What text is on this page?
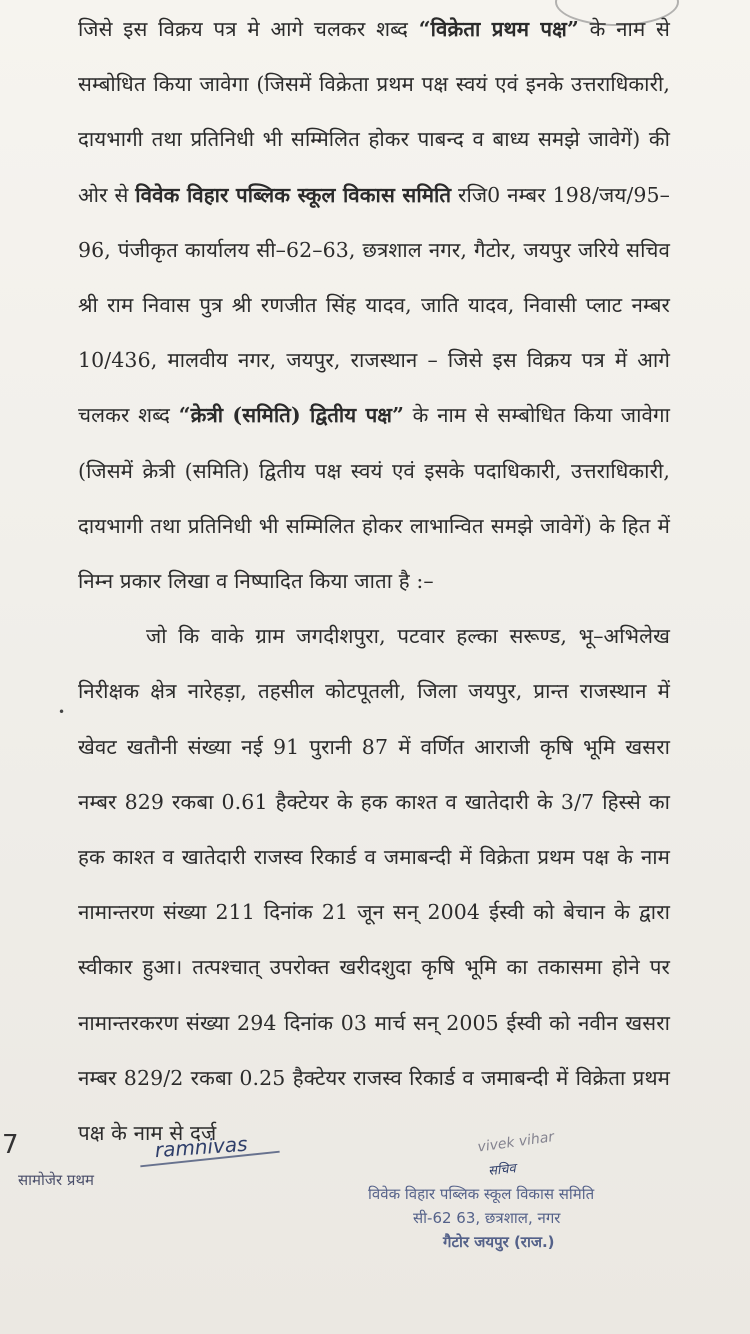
जिसे इस विक्रय पत्र मे आगे चलकर शब्द “विक्रेता प्रथम पक्ष” के नाम से सम्बोधित किया जावेगा (जिसमें विक्रेता प्रथम पक्ष स्वयं एवं इनके उत्तराधिकारी, दायभागी तथा प्रतिनिधी भी सम्मिलित होकर पाबन्द व बाध्य समझे जावेगें) की ओर से विवेक विहार पब्लिक स्कूल विकास समिति रजि0 नम्बर 198/जय/95–96, पंजीकृत कार्यालय सी–62–63, छत्रशाल नगर, गैटोर, जयपुर जरिये सचिव श्री राम निवास पुत्र श्री रणजीत सिंह यादव, जाति यादव, निवासी प्लाट नम्बर 10/436, मालवीय नगर, जयपुर, राजस्थान – जिसे इस विक्रय पत्र में आगे चलकर शब्द “क्रेत्री (समिति) द्वितीय पक्ष” के नाम से सम्बोधित किया जावेगा (जिसमें क्रेत्री (समिति) द्वितीय पक्ष स्वयं एवं इसके पदाधिकारी, उत्तराधिकारी, दायभागी तथा प्रतिनिधी भी सम्मिलित होकर लाभान्वित समझे जावेगें) के हित में निम्न प्रकार लिखा व निष्पादित किया जाता है :–

जो कि वाके ग्राम जगदीशपुरा, पटवार हल्का सरूण्ड, भू–अभिलेख निरीक्षक क्षेत्र नारेहड़ा, तहसील कोटपूतली, जिला जयपुर, प्रान्त राजस्थान में खेवट खतौनी संख्या नई 91 पुरानी 87 में वर्णित आराजी कृषि भूमि खसरा नम्बर 829 रकबा 0.61 हैक्टेयर के हक काश्त व खातेदारी के 3/7 हिस्से का हक काश्त व खातेदारी राजस्व रिकार्ड व जमाबन्दी में विक्रेता प्रथम पक्ष के नाम नामान्तरण संख्या 211 दिनांक 21 जून सन् 2004 ईस्वी को बेचान के द्वारा स्वीकार हुआ। तत्पश्चात् उपरोक्त खरीदशुदा कृषि भूमि का तकासमा होने पर नामान्तरकरण संख्या 294 दिनांक 03 मार्च सन् 2005 ईस्वी को नवीन खसरा नम्बर 829/2 रकबा 0.25 हैक्टेयर राजस्व रिकार्ड व जमाबन्दी में विक्रेता प्रथम पक्ष के नाम से दर्ज

•
7
सामोजेर प्रथम
ramnivas	vivek vihar
सचिव
विवेक विहार पब्लिक स्कूल विकास समिति
सी-62 63, छत्रशाल, नगर
गैटोर जयपुर (राज.)
